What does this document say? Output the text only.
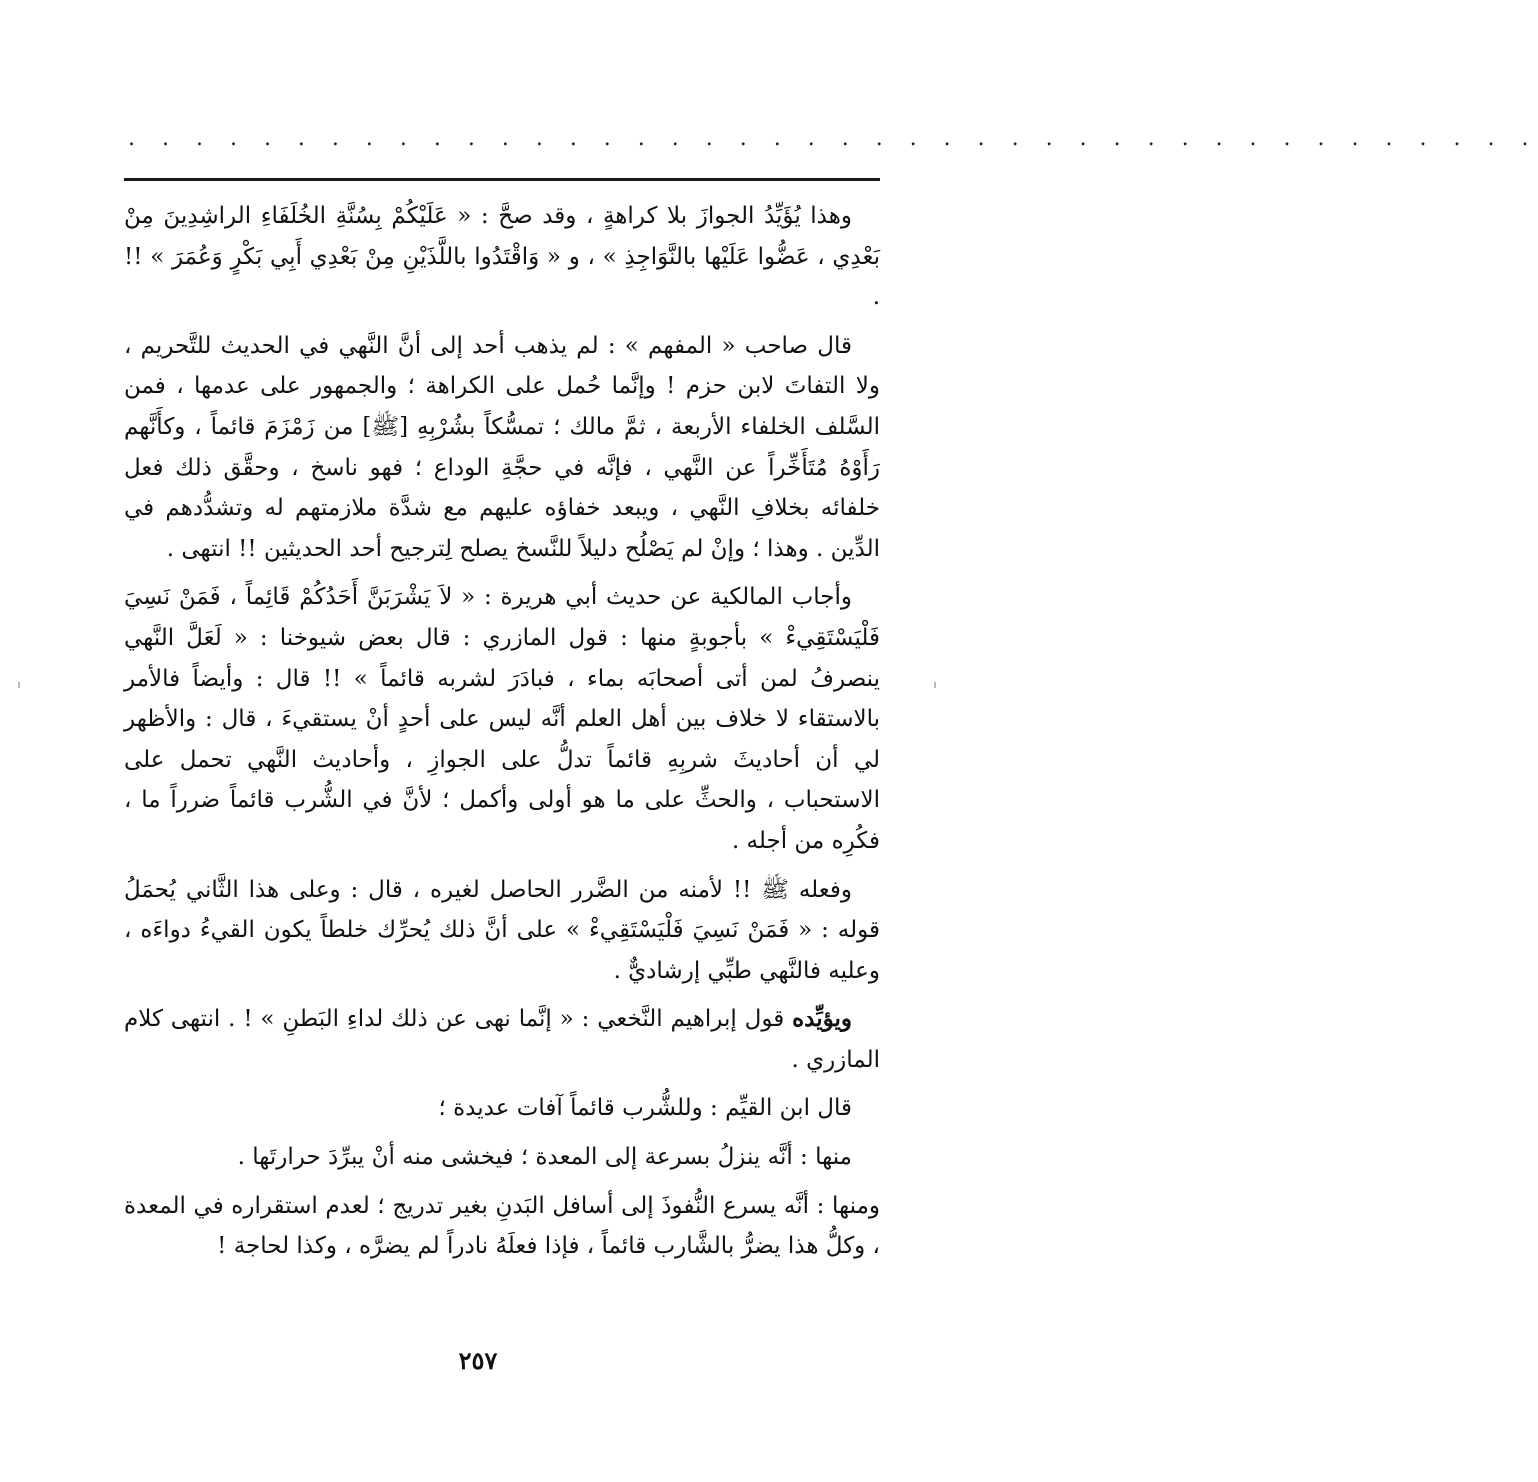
. . . . . . . . . . . . . . . . . . . . . . . . . . . . . . . . . . . . . . . . . .

وهذا يُؤَيِّدُ الجوازَ بلا كراهةٍ ، وقد صحَّ : « عَلَيْكُمْ بِسُنَّةِ الخُلَفَاءِ الراشِدِينَ مِنْ بَعْدِي ، عَضُّوا عَلَيْها بالنَّوَاجِذِ » ، و « وَاقْتَدُوا باللَّذَيْنِ مِنْ بَعْدِي أَبِي بَكْرٍ وَعُمَرَ » !! .

قال صاحب « المفهم » : لم يذهب أحد إلى أنَّ النَّهي في الحديث للتَّحريم ، ولا التفاتَ لابن حزم ! وإنَّما حُمل على الكراهة ؛ والجمهور على عدمها ، فمن السَّلف الخلفاء الأربعة ، ثمَّ مالك ؛ تمسُّكاً بشُرْبِهِ [ﷺ] من زَمْزَمَ قائماً ، وكأَنَّهم رَأَوْهُ مُتَأَخِّراً عن النَّهي ، فإنَّه في حجَّةِ الوداع ؛ فهو ناسخ ، وحقَّق ذلك فعل خلفائه بخلافِ النَّهي ، ويبعد خفاؤه عليهم مع شدَّة ملازمتهم له وتشدُّدهم في الدِّين . وهذا ؛ وإنْ لم يَصْلُح دليلاً للنَّسخ يصلح لِترجيح أحد الحديثين !! انتهى .

وأجاب المالكية عن حديث أبي هريرة : « لاَ يَشْرَبَنَّ أَحَدُكُمْ قَائِماً ، فَمَنْ نَسِيَ فَلْيَسْتَقِيءْ » بأجوبةٍ منها : قول المازري : قال بعض شيوخنا : « لَعَلَّ النَّهي ينصرفُ لمن أتى أصحابَه بماء ، فبادَرَ لشربه قائماً » !! قال : وأيضاً فالأمر بالاستقاء لا خلاف بين أهل العلم أنَّه ليس على أحدٍ أنْ يستقيءَ ، قال : والأظهر لي أن أحاديثَ شربِهِ قائماً تدلُّ على الجوازِ ، وأحاديث النَّهي تحمل على الاستحباب ، والحثِّ على ما هو أولى وأكمل ؛ لأنَّ في الشُّرب قائماً ضرراً ما ، فكُرِه من أجله .

وفعله ﷺ !! لأمنه من الضَّرر الحاصل لغيره ، قال : وعلى هذا الثَّاني يُحمَلُ قوله : « فَمَنْ نَسِيَ فَلْيَسْتَقِيءْ » على أنَّ ذلك يُحرِّك خلطاً يكون القيءُ دواءَه ، وعليه فالنَّهي طبِّي إرشاديٌّ .

ويؤيِّده قول إبراهيم النَّخعي : « إنَّما نهى عن ذلك لداءِ البَطنِ » ! . انتهى كلام المازري .

قال ابن القيِّم : وللشُّرب قائماً آفات عديدة ؛

منها : أنَّه ينزلُ بسرعة إلى المعدة ؛ فيخشى منه أنْ يبرِّدَ حرارتَها .

ومنها : أنَّه يسرع النُّفوذَ إلى أسافل البَدنِ بغير تدريج ؛ لعدم استقراره في المعدة ، وكلُّ هذا يضرُّ بالشَّارب قائماً ، فإذا فعلَهُ نادراً لم يضرَّه ، وكذا لحاجة !

٢٥٧
